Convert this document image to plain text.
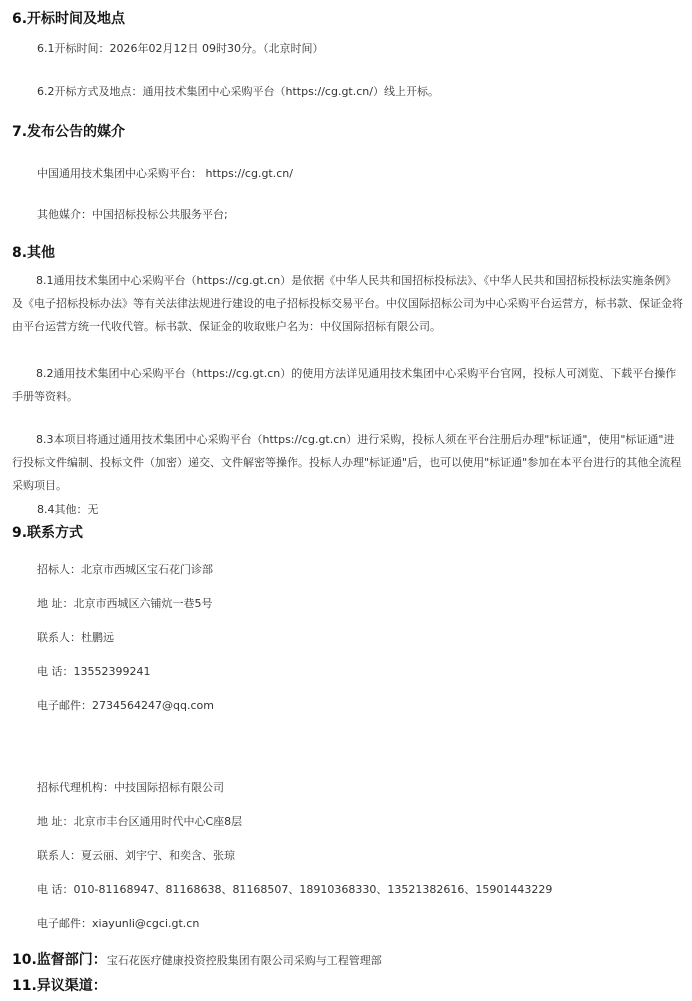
6.开标时间及地点
6.1开标时间：2026年02月12日 09时30分。（北京时间）
6.2开标方式及地点：通用技术集团中心采购平台（https://cg.gt.cn/）线上开标。
7.发布公告的媒介
中国通用技术集团中心采购平台： https://cg.gt.cn/
其他媒介：中国招标投标公共服务平台;
8.其他
8.1通用技术集团中心采购平台（https://cg.gt.cn）是依据《中华人民共和国招标投标法》、《中华人民共和国招标投标法实施条例》及《电子招标投标办法》等有关法律法规进行建设的电子招标投标交易平台。中仪国际招标公司为中心采购平台运营方，标书款、保证金将由平台运营方统一代收代管。标书款、保证金的收取账户名为：中仪国际招标有限公司。
8.2通用技术集团中心采购平台（https://cg.gt.cn）的使用方法详见通用技术集团中心采购平台官网，投标人可浏览、下载平台操作手册等资料。
8.3本项目将通过通用技术集团中心采购平台（https://cg.gt.cn）进行采购，投标人须在平台注册后办理"标证通"，使用"标证通"进行投标文件编制、投标文件（加密）递交、文件解密等操作。投标人办理"标证通"后，也可以使用"标证通"参加在本平台进行的其他全流程采购项目。
8.4其他：无
9.联系方式
招标人：北京市西城区宝石花门诊部
地 址：北京市西城区六铺炕一巷5号
联系人：杜鹏远
电 话：13552399241
电子邮件：2734564247@qq.com
招标代理机构：中技国际招标有限公司
地 址：北京市丰台区通用时代中心C座8层
联系人：夏云丽、刘宇宁、和奕含、张琼
电 话：010-81168947、81168638、81168507、18910368330、13521382616、15901443229
电子邮件：xiayunli@cgci.gt.cn
10.监督部门：宝石花医疗健康投资控股集团有限公司采购与工程管理部
11.异议渠道：
